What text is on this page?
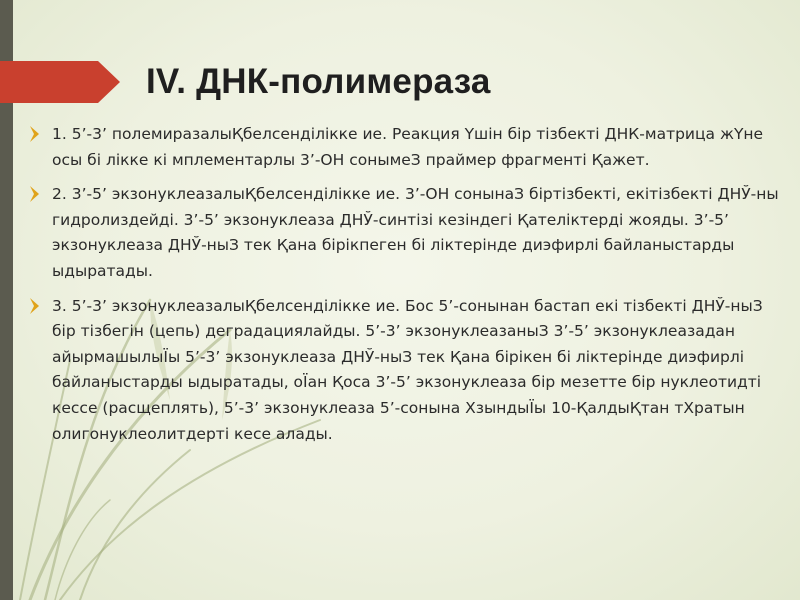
IV. ДНК-полимераза
1. 5’-3’ полемиразалыҚбелсенділікке ие. Реакция Үшін бір тізбекті ДНК-матрица жҮне осы бі лікке кі мплементарлы 3’-ОН сонымеЗ праймер фрагменті Қажет.
2. 3’-5’ экзонуклеазалыҚбелсенділікке ие. 3’-ОН сонынаЗ біртізбекті, екітізбекті ДНЎ-ны гидролиздейді. 3’-5’ экзонуклеаза ДНЎ-синтізі кезіндегі Қателіктерді жояды. 3’-5’ экзонуклеаза ДНЎ-ныЗ тек Қана бірікпеген бі ліктерінде диэфирлі байланыстарды ыдыратады.
3. 5’-3’ экзонуклеазалыҚбелсенділікке ие. Бос 5’-сонынан бастап екі тізбекті ДНЎ-ныЗ бір тізбегін (цепь) деградациялайды. 5’-3’ экзонуклеазаныЗ 3’-5’ экзонуклеазадан айырмашылыЇы 5’-3’ экзонуклеаза ДНЎ-ныЗ тек Қана бірікен бі ліктерінде диэфирлі байланыстарды ыдыратады, оЇан Қоса 3’-5’ экзонуклеаза бір мезетте бір нуклеотидті кессе (расщеплять), 5’-3’ экзонуклеаза 5’-сонына ХзындыЇы 10-ҚалдыҚтан тХратын олигонуклеолитдерті кесе алады.
